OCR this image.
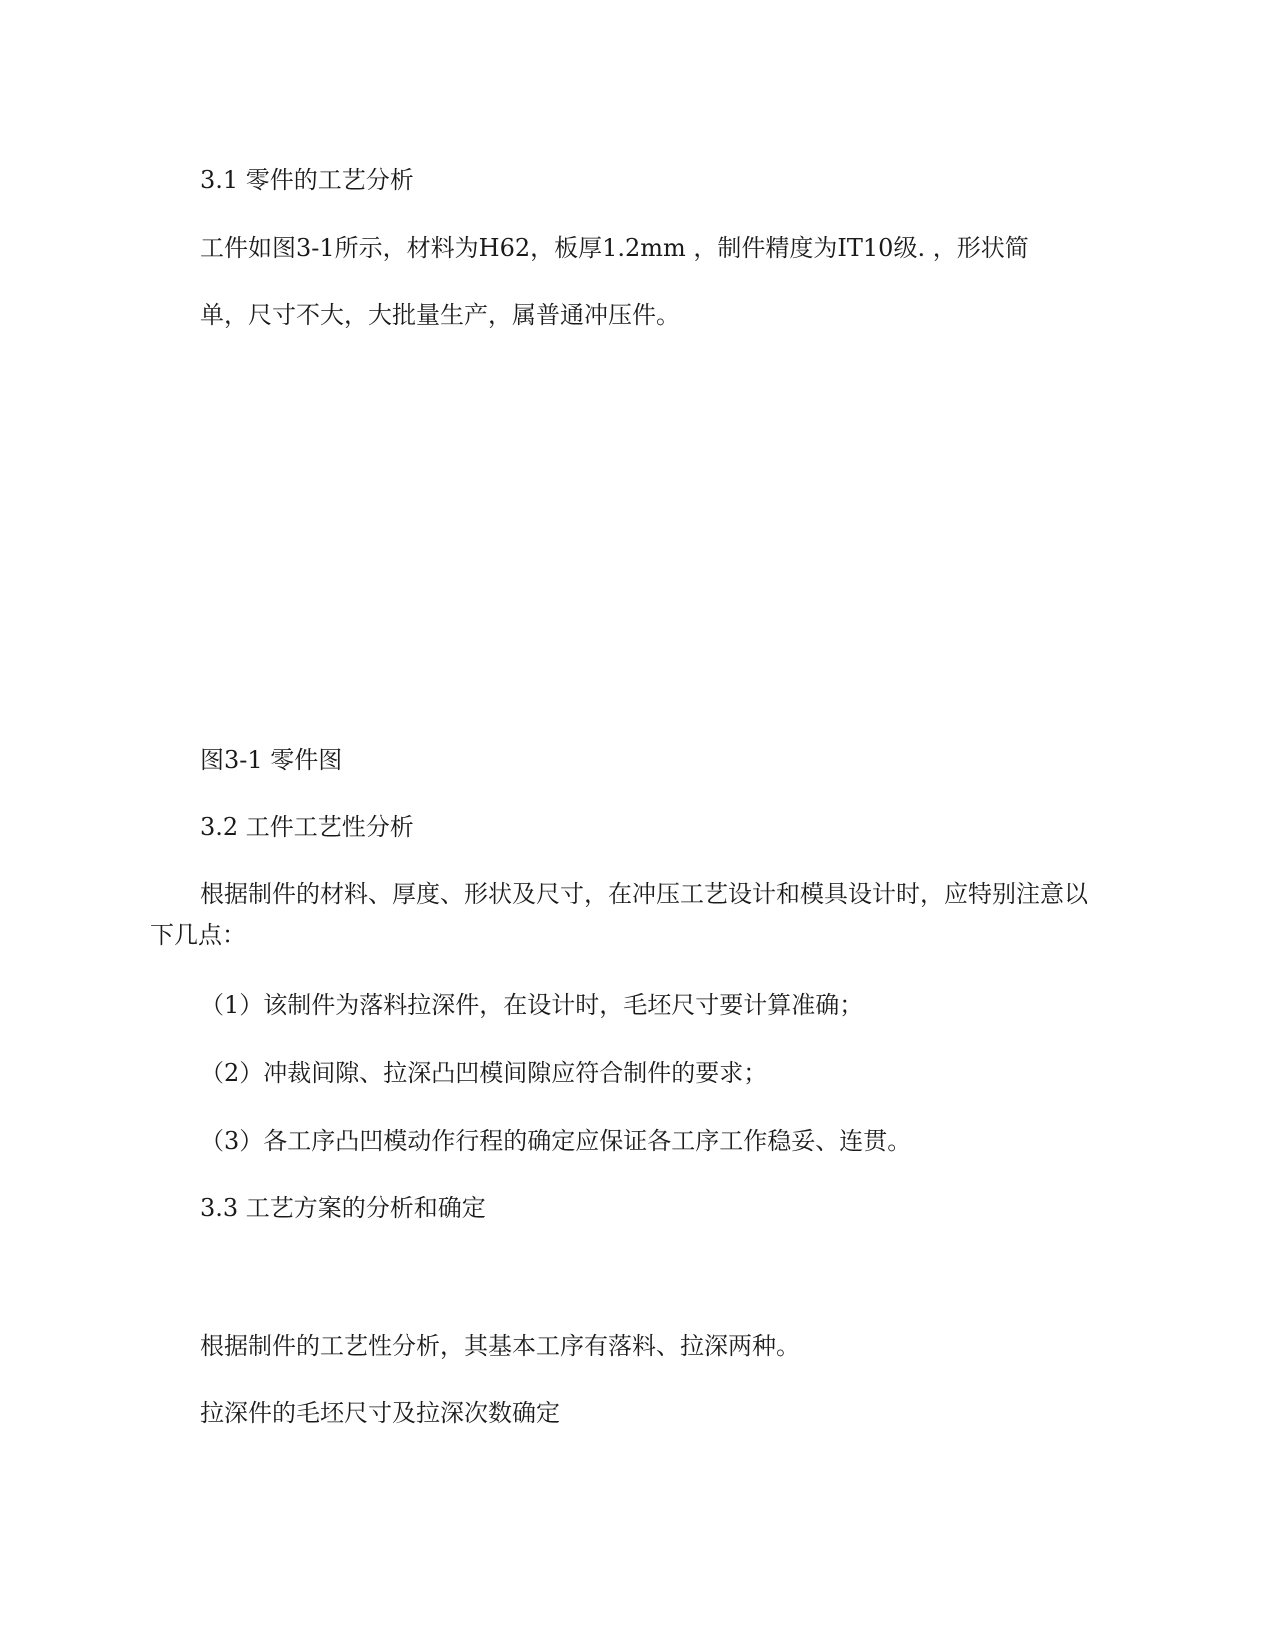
3.1 零件的工艺分析
工件如图3-1所示，材料为H62，板厚1.2mm ，制件精度为IT10级. ，形状简
单，尺寸不大，大批量生产，属普通冲压件。
图3-1 零件图
3.2 工件工艺性分析
根据制件的材料、厚度、形状及尺寸，在冲压工艺设计和模具设计时，应特别注意以
下几点：
（1）该制件为落料拉深件，在设计时，毛坯尺寸要计算准确；
（2）冲裁间隙、拉深凸凹模间隙应符合制件的要求；
（3）各工序凸凹模动作行程的确定应保证各工序工作稳妥、连贯。
3.3 工艺方案的分析和确定
根据制件的工艺性分析，其基本工序有落料、拉深两种。
拉深件的毛坯尺寸及拉深次数确定
